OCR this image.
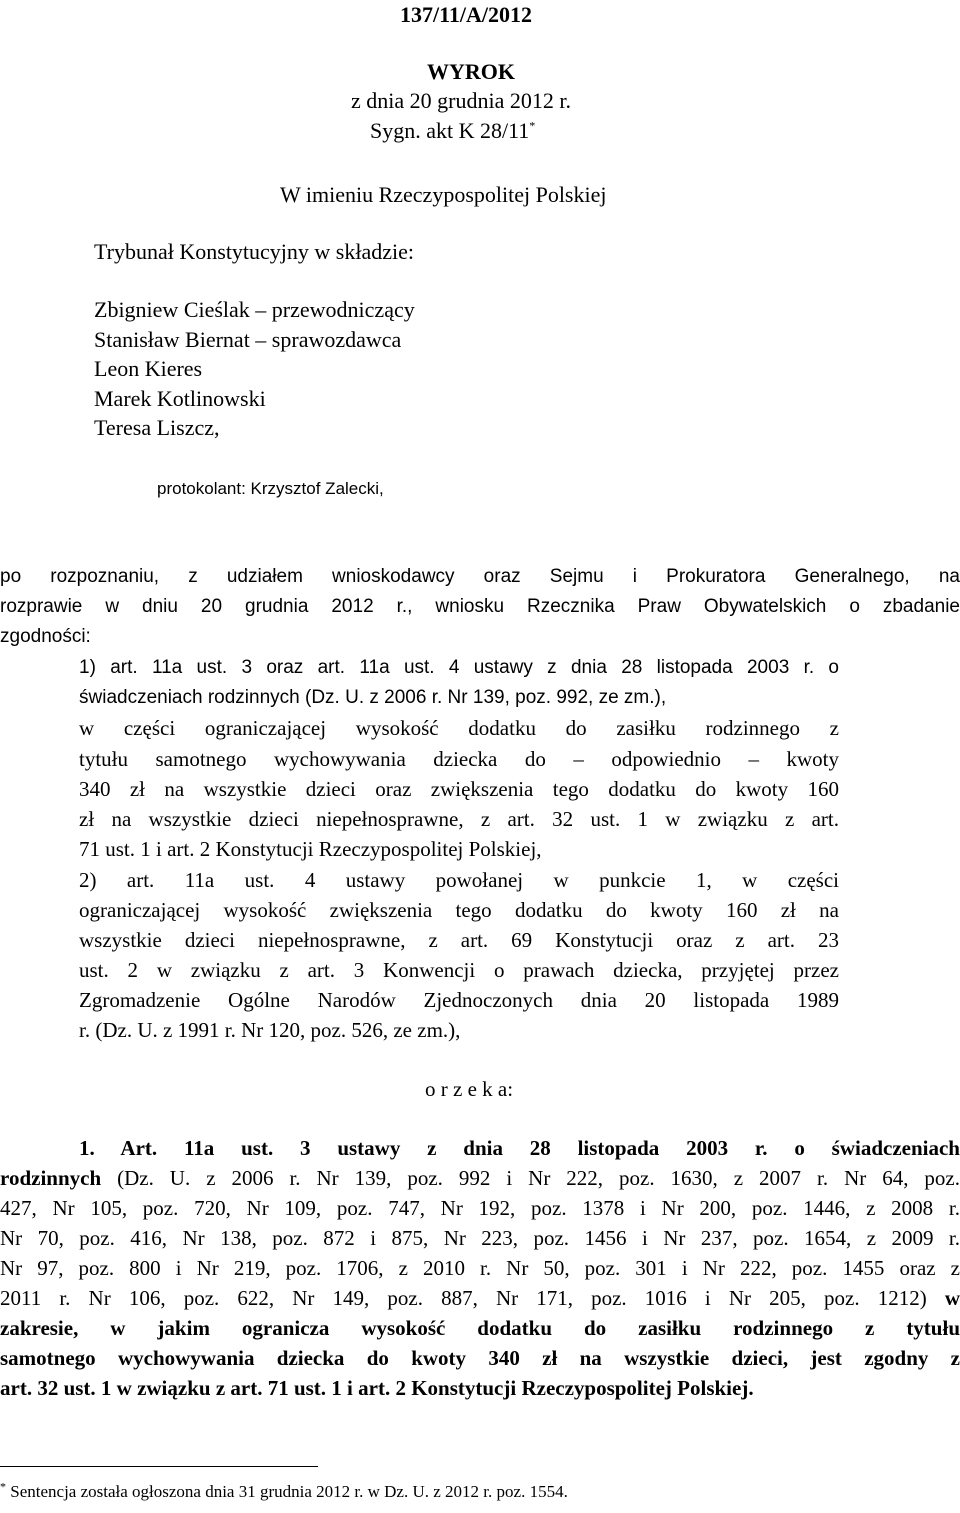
137/11/A/2012
WYROK
z dnia 20 grudnia 2012 r.
Sygn. akt K 28/11*
W imieniu Rzeczypospolitej Polskiej
Trybunał Konstytucyjny w składzie:
Zbigniew Cieślak – przewodniczący
Stanisław Biernat – sprawozdawca
Leon Kieres
Marek Kotlinowski
Teresa Liszcz,
protokolant: Krzysztof Zalecki,
po rozpoznaniu, z udziałem wnioskodawcy oraz Sejmu i Prokuratora Generalnego, na
rozprawie w dniu 20 grudnia 2012 r., wniosku Rzecznika Praw Obywatelskich o zbadanie
zgodności:
1) art. 11a ust. 3 oraz art. 11a ust. 4 ustawy z dnia 28 listopada 2003 r. o
świadczeniach rodzinnych (Dz. U. z 2006 r. Nr 139, poz. 992, ze zm.),
w części ograniczającej wysokość dodatku do zasiłku rodzinnego z
tytułu samotnego wychowywania dziecka do – odpowiednio – kwoty
340 zł na wszystkie dzieci oraz zwiększenia tego dodatku do kwoty 160
zł na wszystkie dzieci niepełnosprawne, z art. 32 ust. 1 w związku z art.
71 ust. 1 i art. 2 Konstytucji Rzeczypospolitej Polskiej,
2) art. 11a ust. 4 ustawy powołanej w punkcie 1, w części
ograniczającej wysokość zwiększenia tego dodatku do kwoty 160 zł na
wszystkie dzieci niepełnosprawne, z art. 69 Konstytucji oraz z art. 23
ust. 2 w związku z art. 3 Konwencji o prawach dziecka, przyjętej przez
Zgromadzenie Ogólne Narodów Zjednoczonych dnia 20 listopada 1989
r. (Dz. U. z 1991 r. Nr 120, poz. 526, ze zm.),
o r z e k a:
1. Art. 11a ust. 3 ustawy z dnia 28 listopada 2003 r. o świadczeniach
rodzinnych (Dz. U. z 2006 r. Nr 139, poz. 992 i Nr 222, poz. 1630, z 2007 r. Nr 64, poz.
427, Nr 105, poz. 720, Nr 109, poz. 747, Nr 192, poz. 1378 i Nr 200, poz. 1446, z 2008 r.
Nr 70, poz. 416, Nr 138, poz. 872 i 875, Nr 223, poz. 1456 i Nr 237, poz. 1654, z 2009 r.
Nr 97, poz. 800 i Nr 219, poz. 1706, z 2010 r. Nr 50, poz. 301 i Nr 222, poz. 1455 oraz z
2011 r. Nr 106, poz. 622, Nr 149, poz. 887, Nr 171, poz. 1016 i Nr 205, poz. 1212) w
zakresie, w jakim ogranicza wysokość dodatku do zasiłku rodzinnego z tytułu
samotnego wychowywania dziecka do kwoty 340 zł na wszystkie dzieci, jest zgodny z
art. 32 ust. 1 w związku z art. 71 ust. 1 i art. 2 Konstytucji Rzeczypospolitej Polskiej.
* Sentencja została ogłoszona dnia 31 grudnia 2012 r. w Dz. U. z 2012 r. poz. 1554.
